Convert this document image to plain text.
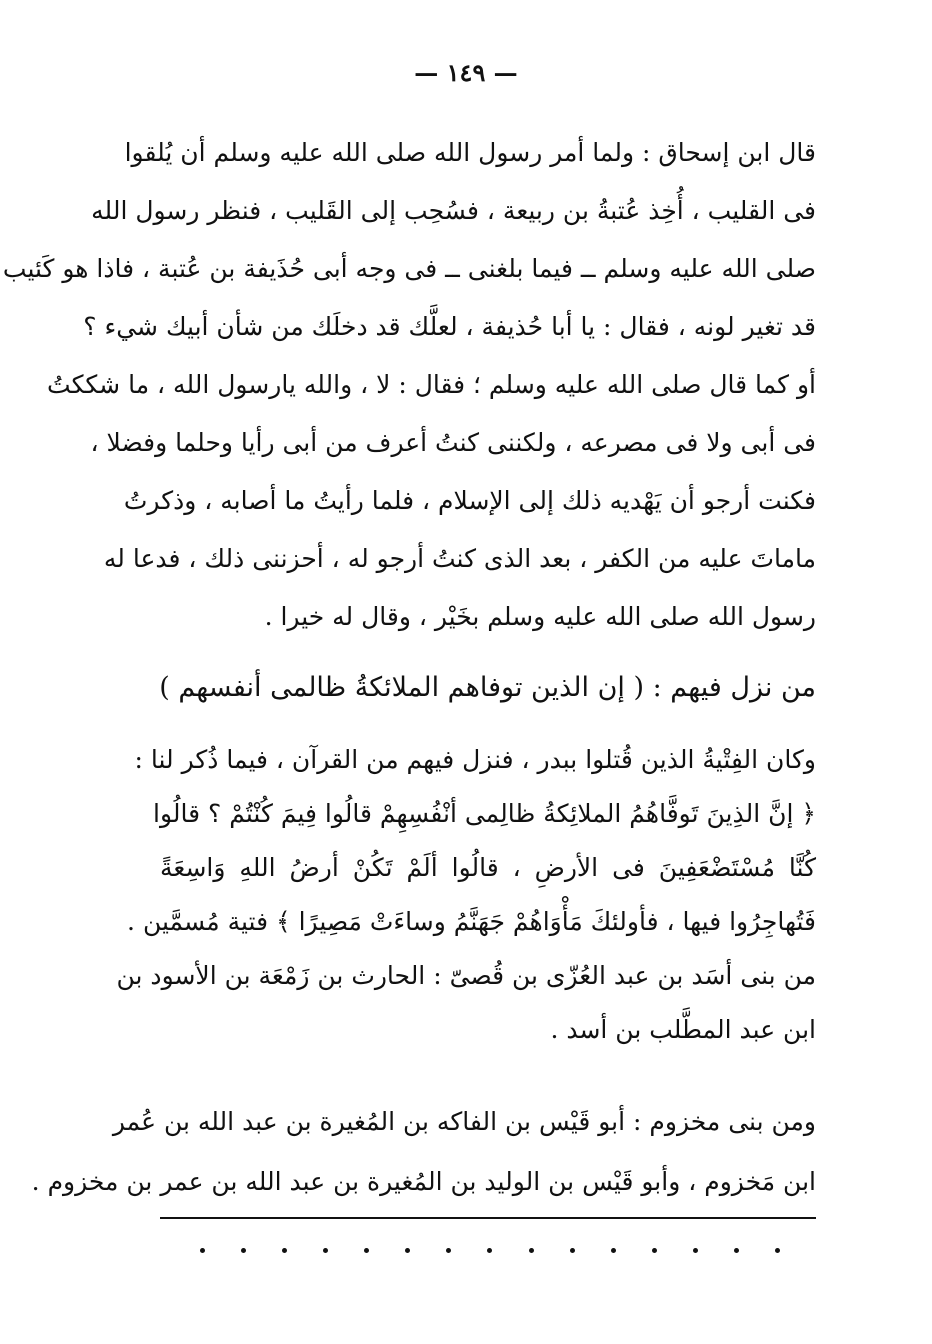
— ١٤٩ —
قال ابن إسحاق : ولما أمر رسول الله صلى الله عليه وسلم أن يُلقوا
فى القليب ، أُخِذ عُتبةُ بن ربيعة ، فسُحِب إلى القَليب ، فنظر رسول الله
صلى الله عليه وسلم ــ فيما بلغنى ــ فى وجه أبى حُذَيفة بن عُتبة ، فاذا هو كَئيب
قد تغير لونه ، فقال : يا أبا حُذيفة ، لعلَّك قد دخلَك من شأن أبيك شيء ؟
أو كما قال صلى الله عليه وسلم ؛ فقال : لا ، والله يارسول الله ، ما شككتُ
فى أبى ولا فى مصرعه ، ولكننى كنتُ أعرف من أبى رأيا وحلما وفضلا ،
فكنت أرجو أن يَهْديه ذلك إلى الإسلام ، فلما رأيتُ ما أصابه ، وذكرتُ
ماماتَ عليه من الكفر ، بعد الذى كنتُ أرجو له ، أحزننى ذلك ، فدعا له
رسول الله صلى الله عليه وسلم بخَيْر ، وقال له خيرا .
من نزل فيهم : ( إن الذين توفاهم الملائكةُ ظالمى أنفسهم )
وكان الفِتْيةُ الذين قُتلوا ببدر ، فنزل فيهم من القرآن ، فيما ذُكر لنا :
﴿ إنَّ الذِينَ تَوفَّاهُمُ الملائِكةُ ظالِمى أنْفُسِهِمْ قالُوا فِيمَ كُنْتُمْ ؟ قالُوا
كُنَّا مُسْتَضْعَفِينَ فى الأرضِ ، قالُوا ألَمْ تَكُنْ أرضُ اللهِ وَاسِعَةً
فَتُهاجِرُوا فيها ، فأولئكَ مَأْوَاهُمْ جَهَنَّمُ وساءَتْ مَصِيرًا ﴾ فتية مُسمَّين .
من بنى أسَد بن عبد العُزّى بن قُصىّ : الحارث بن زَمْعَة بن الأسود بن
ابن عبد المطَّلب بن أسد .
ومن بنى مخزوم : أبو قَيْس بن الفاكه بن المُغيرة بن عبد الله بن عُمر
ابن مَخزوم ، وأبو قَيْس بن الوليد بن المُغيرة بن عبد الله بن عمر بن مخزوم .
